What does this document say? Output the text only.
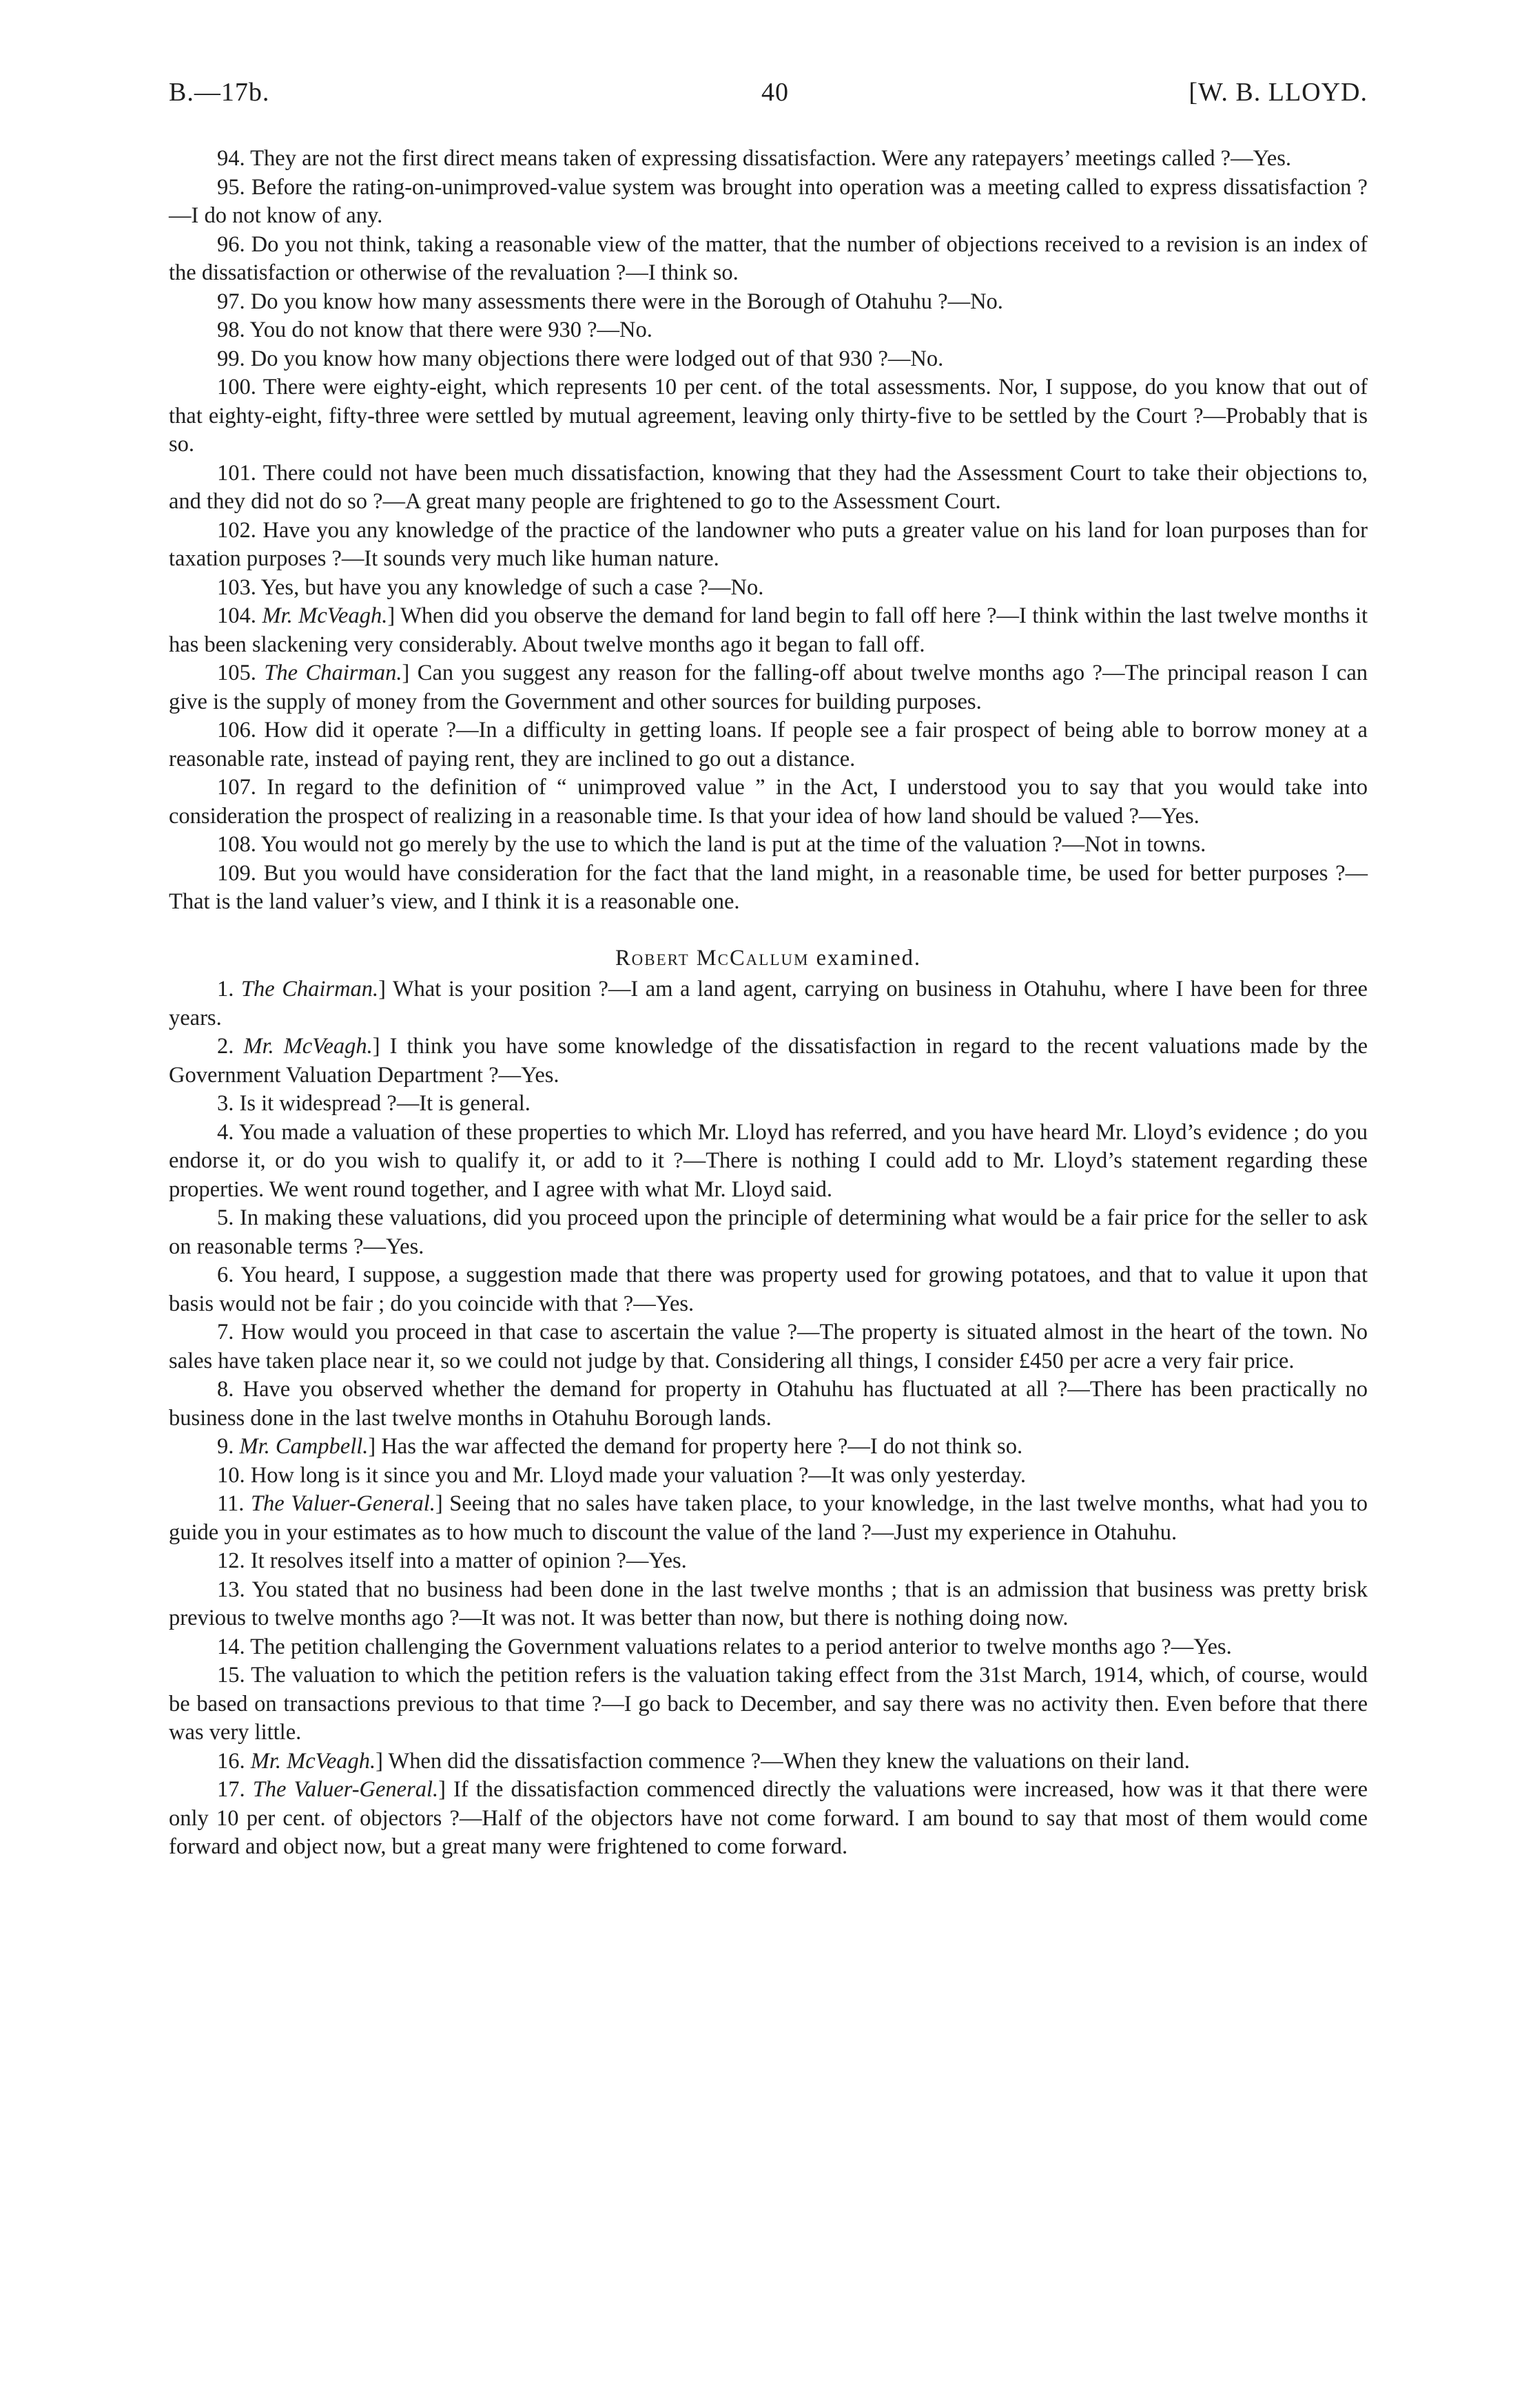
B.—17b.	40	[W. B. LLOYD.

94. They are not the first direct means taken of expressing dissatisfaction. Were any ratepayers’ meetings called ?—Yes.

95. Before the rating-on-unimproved-value system was brought into operation was a meeting called to express dissatisfaction ?—I do not know of any.

96. Do you not think, taking a reasonable view of the matter, that the number of objections received to a revision is an index of the dissatisfaction or otherwise of the revaluation ?—I think so.

97. Do you know how many assessments there were in the Borough of Otahuhu ?—No.

98. You do not know that there were 930 ?—No.

99. Do you know how many objections there were lodged out of that 930 ?—No.

100. There were eighty-eight, which represents 10 per cent. of the total assessments. Nor, I suppose, do you know that out of that eighty-eight, fifty-three were settled by mutual agreement, leaving only thirty-five to be settled by the Court ?—Probably that is so.

101. There could not have been much dissatisfaction, knowing that they had the Assessment Court to take their objections to, and they did not do so ?—A great many people are frightened to go to the Assessment Court.

102. Have you any knowledge of the practice of the landowner who puts a greater value on his land for loan purposes than for taxation purposes ?—It sounds very much like human nature.

103. Yes, but have you any knowledge of such a case ?—No.

104. Mr. McVeagh.] When did you observe the demand for land begin to fall off here ?—I think within the last twelve months it has been slackening very considerably. About twelve months ago it began to fall off.

105. The Chairman.] Can you suggest any reason for the falling-off about twelve months ago ?—The principal reason I can give is the supply of money from the Government and other sources for building purposes.

106. How did it operate ?—In a difficulty in getting loans. If people see a fair prospect of being able to borrow money at a reasonable rate, instead of paying rent, they are inclined to go out a distance.

107. In regard to the definition of “ unimproved value ” in the Act, I understood you to say that you would take into consideration the prospect of realizing in a reasonable time. Is that your idea of how land should be valued ?—Yes.

108. You would not go merely by the use to which the land is put at the time of the valuation ?—Not in towns.

109. But you would have consideration for the fact that the land might, in a reasonable time, be used for better purposes ?—That is the land valuer’s view, and I think it is a reasonable one.

Robert McCallum examined.

1. The Chairman.] What is your position ?—I am a land agent, carrying on business in Otahuhu, where I have been for three years.

2. Mr. McVeagh.] I think you have some knowledge of the dissatisfaction in regard to the recent valuations made by the Government Valuation Department ?—Yes.

3. Is it widespread ?—It is general.

4. You made a valuation of these properties to which Mr. Lloyd has referred, and you have heard Mr. Lloyd’s evidence ; do you endorse it, or do you wish to qualify it, or add to it ?—There is nothing I could add to Mr. Lloyd’s statement regarding these properties. We went round together, and I agree with what Mr. Lloyd said.

5. In making these valuations, did you proceed upon the principle of determining what would be a fair price for the seller to ask on reasonable terms ?—Yes.

6. You heard, I suppose, a suggestion made that there was property used for growing potatoes, and that to value it upon that basis would not be fair ; do you coincide with that ?—Yes.

7. How would you proceed in that case to ascertain the value ?—The property is situated almost in the heart of the town. No sales have taken place near it, so we could not judge by that. Considering all things, I consider £450 per acre a very fair price.

8. Have you observed whether the demand for property in Otahuhu has fluctuated at all ?—There has been practically no business done in the last twelve months in Otahuhu Borough lands.

9. Mr. Campbell.] Has the war affected the demand for property here ?—I do not think so.

10. How long is it since you and Mr. Lloyd made your valuation ?—It was only yesterday.

11. The Valuer-General.] Seeing that no sales have taken place, to your knowledge, in the last twelve months, what had you to guide you in your estimates as to how much to discount the value of the land ?—Just my experience in Otahuhu.

12. It resolves itself into a matter of opinion ?—Yes.

13. You stated that no business had been done in the last twelve months ; that is an admission that business was pretty brisk previous to twelve months ago ?—It was not. It was better than now, but there is nothing doing now.

14. The petition challenging the Government valuations relates to a period anterior to twelve months ago ?—Yes.

15. The valuation to which the petition refers is the valuation taking effect from the 31st March, 1914, which, of course, would be based on transactions previous to that time ?—I go back to December, and say there was no activity then. Even before that there was very little.

16. Mr. McVeagh.] When did the dissatisfaction commence ?—When they knew the valuations on their land.

17. The Valuer-General.] If the dissatisfaction commenced directly the valuations were increased, how was it that there were only 10 per cent. of objectors ?—Half of the objectors have not come forward. I am bound to say that most of them would come forward and object now, but a great many were frightened to come forward.
